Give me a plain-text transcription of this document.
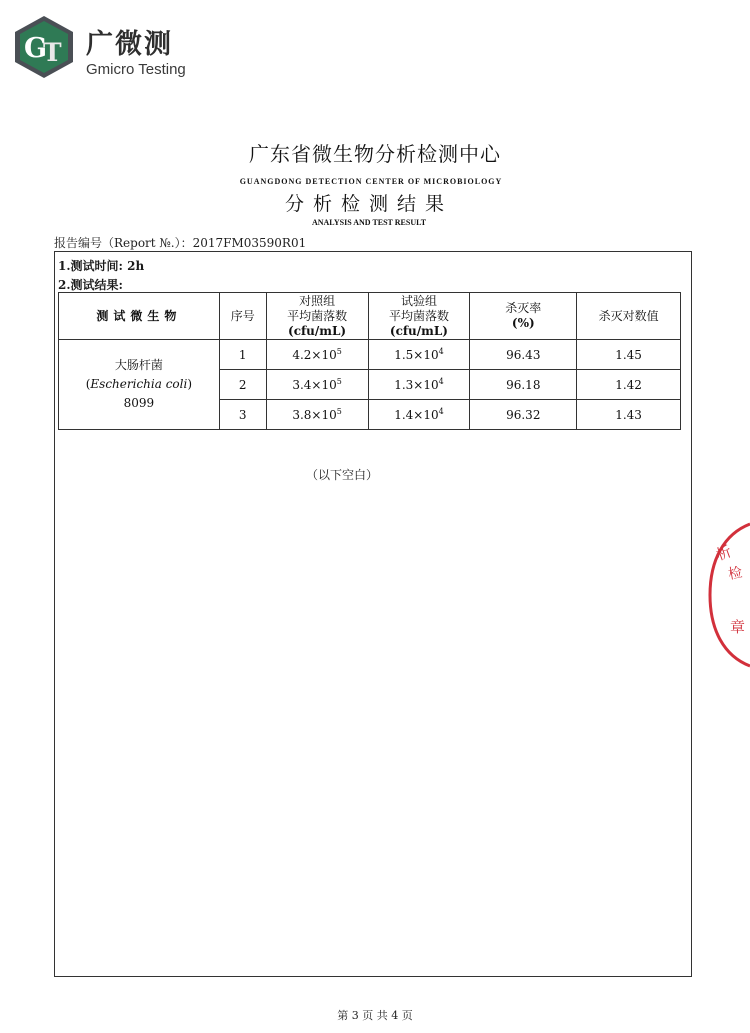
G
T 广微测
Gmicro Testing
广东省微生物分析检测中心
GUANGDONG DETECTION CENTER OF MICROBIOLOGY
分析检测结果
ANALYSIS AND TEST RESULT
报告编号（Report №.）：2017FM03590R01
1.测试时间: 2h
2.测试结果:
测试微生物	序号	对照组
平均菌落数
(cfu/mL)	试验组
平均菌落数
(cfu/mL)	杀灭率
(%)	杀灭对数值
大肠杆菌
(Escherichia coli)
8099	1	$4.2\times 10^5$	$1.5\times 10^4$	96.43	1.45
	2	$3.4\times 10^5$	$1.3\times 10^4$	96.18	1.42
	3	$3.8\times 10^5$	$1.4\times 10^4$	96.32	1.43
（以下空白）
析
检
章
第 3 页 共 4 页
